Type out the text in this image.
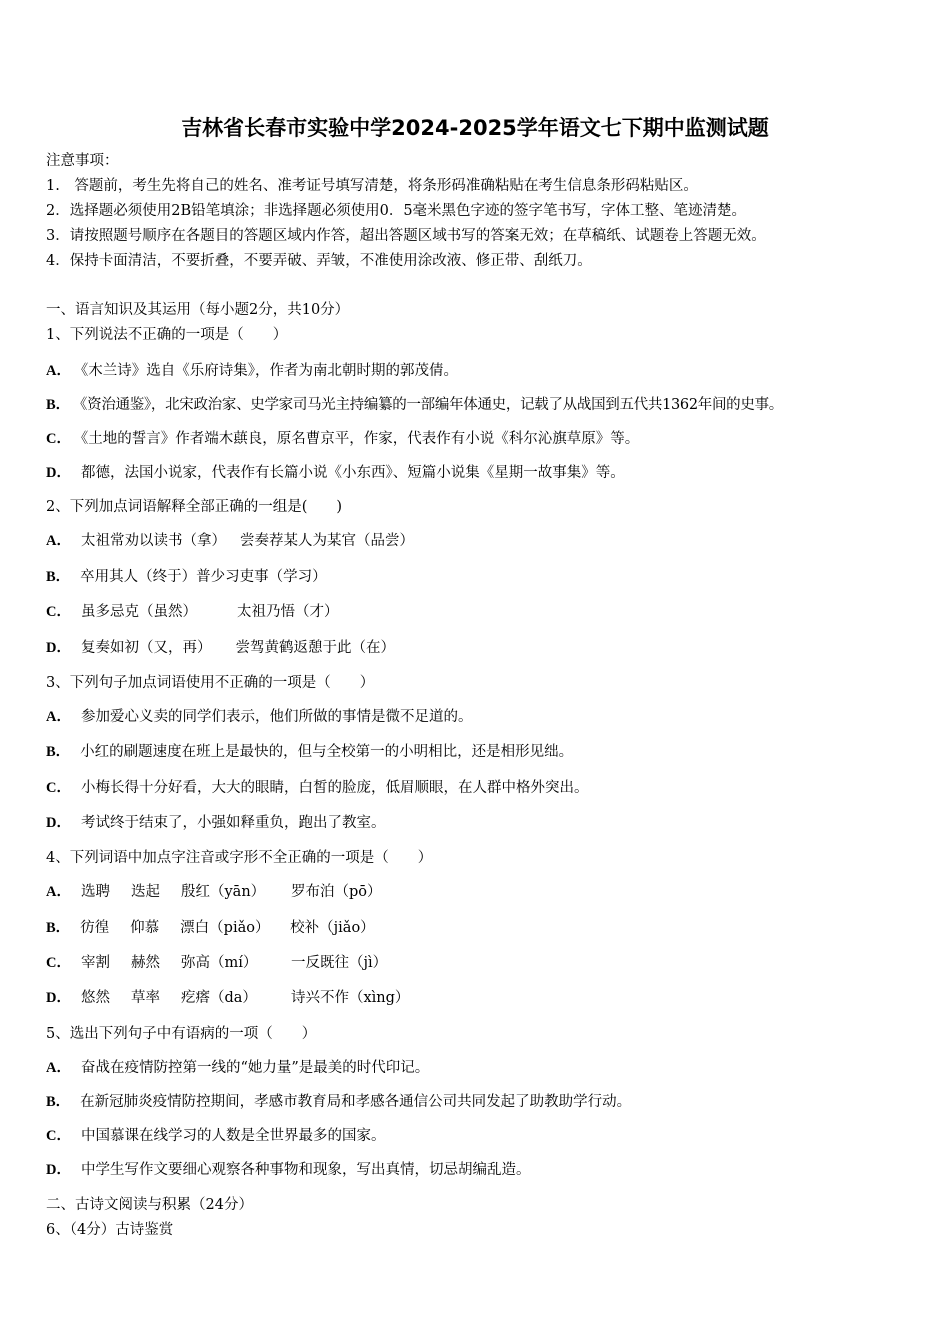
吉林省长春市实验中学2024-2025学年语文七下期中监测试题
注意事项：
1.　答题前，考生先将自己的姓名、准考证号填写清楚，将条形码准确粘贴在考生信息条形码粘贴区。
2．选择题必须使用2B铅笔填涂；非选择题必须使用0．5毫米黑色字迹的签字笔书写，字体工整、笔迹清楚。
3．请按照题号顺序在各题目的答题区域内作答，超出答题区域书写的答案无效；在草稿纸、试题卷上答题无效。
4．保持卡面清洁，不要折叠，不要弄破、弄皱，不准使用涂改液、修正带、刮纸刀。
一、语言知识及其运用（每小题2分，共10分）
1、下列说法不正确的一项是（　　）
A． 《木兰诗》选自《乐府诗集》，作者为南北朝时期的郭茂倩。
B． 《资治通鉴》，北宋政治家、史学家司马光主持编纂的一部编年体通史，记载了从战国到五代共1362年间的史事。
C． 《土地的誓言》作者端木蕻良，原名曹京平，作家，代表作有小说《科尔沁旗草原》等。
D． 都德，法国小说家，代表作有长篇小说《小东西》、短篇小说集《星期一故事集》等。
2、下列加点词语解释全部正确的一组是(　　)
A． 太祖常劝以读书（拿） 尝奏荐某人为某官（品尝）
B． 卒用其人（终于）普少习吏事（学习）
C． 虽多忌克（虽然）	太祖乃悟（才）
D． 复奏如初（又，再） 尝驾黄鹤返憩于此（在）
3、下列句子加点词语使用不正确的一项是（　　）
A． 参加爱心义卖的同学们表示，他们所做的事情是微不足道的。
B． 小红的刷题速度在班上是最快的，但与全校第一的小明相比，还是相形见绌。
C． 小梅长得十分好看，大大的眼睛，白皙的脸庞，低眉顺眼，在人群中格外突出。
D． 考试终于结束了，小强如释重负，跑出了教室。
4、下列词语中加点字注音或字形不全正确的一项是（　　）
A． 选聘 迭起 殷红（yān） 罗布泊（pō）
B． 彷徨 仰慕 漂白（piǎo） 校补（jiǎo）
C． 宰割 赫然 弥高（mí） 一反既往（jì）
D． 悠然 草率 疙瘩（da） 诗兴不作（xìng）
5、选出下列句子中有语病的一项（　　）
A． 奋战在疫情防控第一线的“她力量”是最美的时代印记。
B． 在新冠肺炎疫情防控期间，孝感市教育局和孝感各通信公司共同发起了助教助学行动。
C． 中国慕课在线学习的人数是全世界最多的国家。
D． 中学生写作文要细心观察各种事物和现象，写出真情，切忌胡编乱造。
二、古诗文阅读与积累（24分）
6、（4分）古诗鉴赏
